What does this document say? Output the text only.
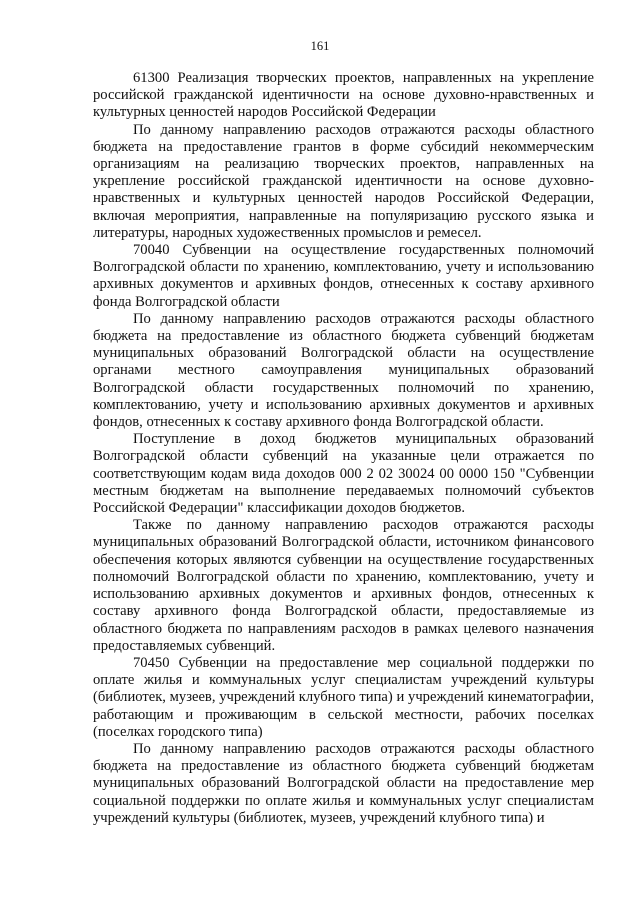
161

61300 Реализация творческих проектов, направленных на укрепление российской гражданской идентичности на основе духовно-нравственных и культурных ценностей народов Российской Федерации

По данному направлению расходов отражаются расходы областного бюджета на предоставление грантов в форме субсидий некоммерческим организациям на реализацию творческих проектов, направленных на укрепление российской гражданской идентичности на основе духовно-нравственных и культурных ценностей народов Российской Федерации, включая мероприятия, направленные на популяризацию русского языка и литературы, народных художественных промыслов и ремесел.

70040 Субвенции на осуществление государственных полномочий Волгоградской области по хранению, комплектованию, учету и использованию архивных документов и архивных фондов, отнесенных к составу архивного фонда Волгоградской области

По данному направлению расходов отражаются расходы областного бюджета на предоставление из областного бюджета субвенций бюджетам муниципальных образований Волгоградской области на осуществление органами местного самоуправления муниципальных образований Волгоградской области государственных полномочий по хранению, комплектованию, учету и использованию архивных документов и архивных фондов, отнесенных к составу архивного фонда Волгоградской области.

Поступление в доход бюджетов муниципальных образований Волгоградской области субвенций на указанные цели отражается по соответствующим кодам вида доходов 000 2 02 30024 00 0000 150 "Субвенции местным бюджетам на выполнение передаваемых полномочий субъектов Российской Федерации" классификации доходов бюджетов.

Также по данному направлению расходов отражаются расходы муниципальных образований Волгоградской области, источником финансового обеспечения которых являются субвенции на осуществление государственных полномочий Волгоградской области по хранению, комплектованию, учету и использованию архивных документов и архивных фондов, отнесенных к составу архивного фонда Волгоградской области, предоставляемые из областного бюджета по направлениям расходов в рамках целевого назначения предоставляемых субвенций.

70450 Субвенции на предоставление мер социальной поддержки по оплате жилья и коммунальных услуг специалистам учреждений культуры (библиотек, музеев, учреждений клубного типа) и учреждений кинематографии, работающим и проживающим в сельской местности, рабочих поселках (поселках городского типа)

По данному направлению расходов отражаются расходы областного бюджета на предоставление из областного бюджета субвенций бюджетам муниципальных образований Волгоградской области на предоставление мер социальной поддержки по оплате жилья и коммунальных услуг специалистам учреждений культуры (библиотек, музеев, учреждений клубного типа) и
